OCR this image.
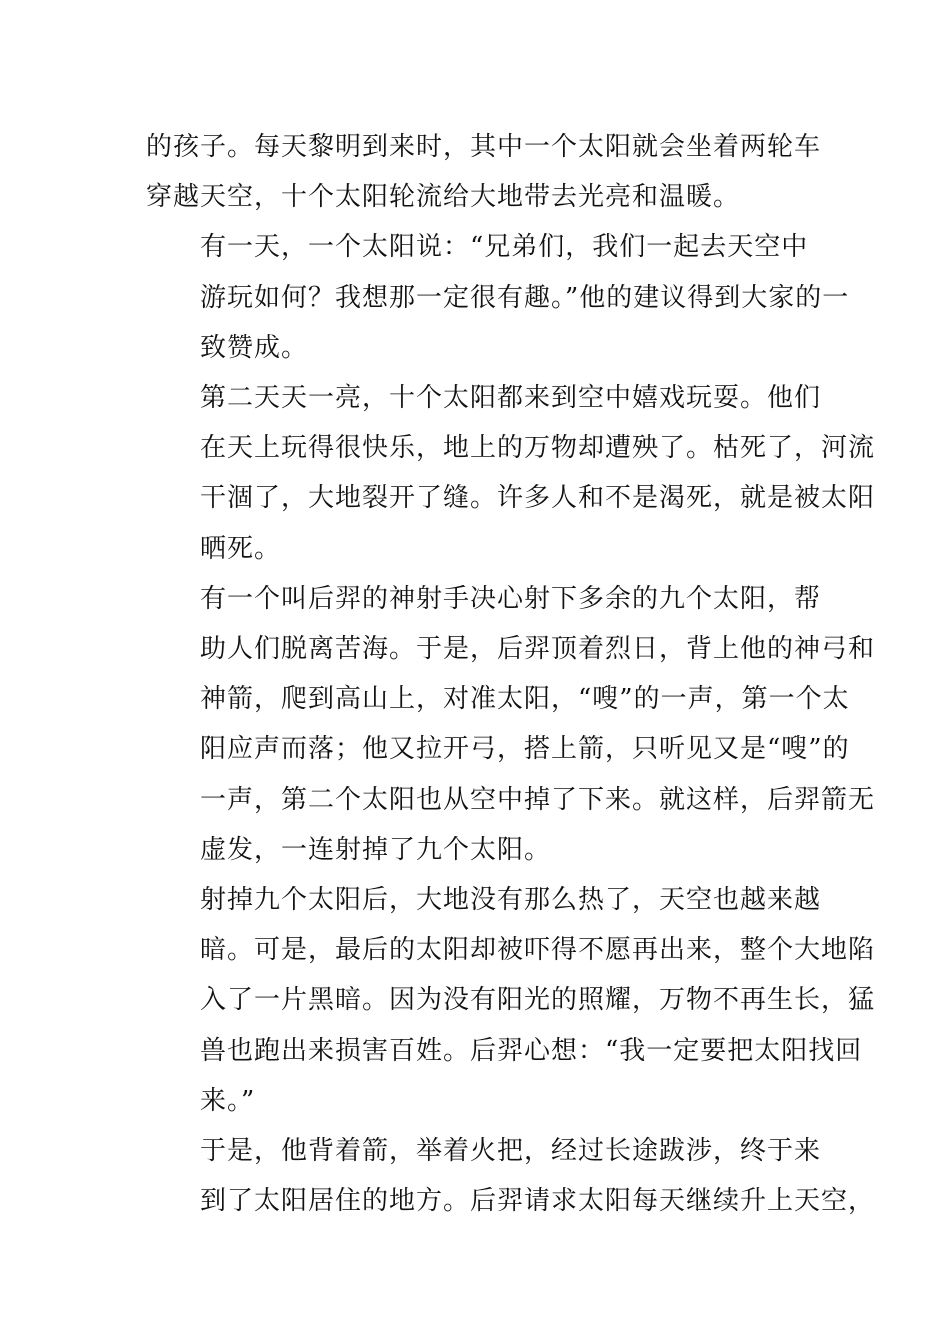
的孩子。每天黎明到来时，其中一个太阳就会坐着两轮车
穿越天空，十个太阳轮流给大地带去光亮和温暖。

有一天，一个太阳说：“兄弟们，我们一起去天空中
游玩如何？我想那一定很有趣。”他的建议得到大家的一
致赞成。

第二天天一亮，十个太阳都来到空中嬉戏玩耍。他们
在天上玩得很快乐，地上的万物却遭殃了。枯死了，河流
干涸了，大地裂开了缝。许多人和不是渴死，就是被太阳
晒死。

有一个叫后羿的神射手决心射下多余的九个太阳，帮
助人们脱离苦海。于是，后羿顶着烈日，背上他的神弓和
神箭，爬到高山上，对准太阳，“嗖”的一声，第一个太
阳应声而落；他又拉开弓，搭上箭，只听见又是“嗖”的
一声，第二个太阳也从空中掉了下来。就这样，后羿箭无
虚发，一连射掉了九个太阳。

射掉九个太阳后，大地没有那么热了，天空也越来越
暗。可是，最后的太阳却被吓得不愿再出来，整个大地陷
入了一片黑暗。因为没有阳光的照耀，万物不再生长，猛
兽也跑出来损害百姓。后羿心想：“我一定要把太阳找回
来。”

于是，他背着箭，举着火把，经过长途跋涉，终于来
到了太阳居住的地方。后羿请求太阳每天继续升上天空，
